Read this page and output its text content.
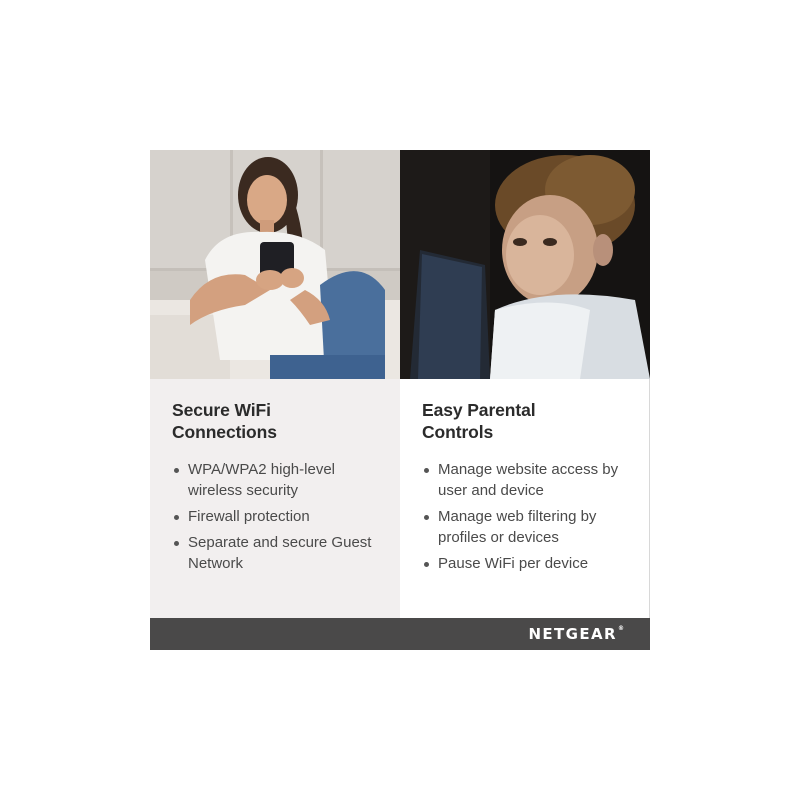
Secure WiFi Connections
WPA/WPA2 high-level wireless security
Firewall protection
Separate and secure Guest Network
Easy Parental Controls
Manage website access by user and device
Manage web filtering by profiles or devices
Pause WiFi per device
NETGEAR®
